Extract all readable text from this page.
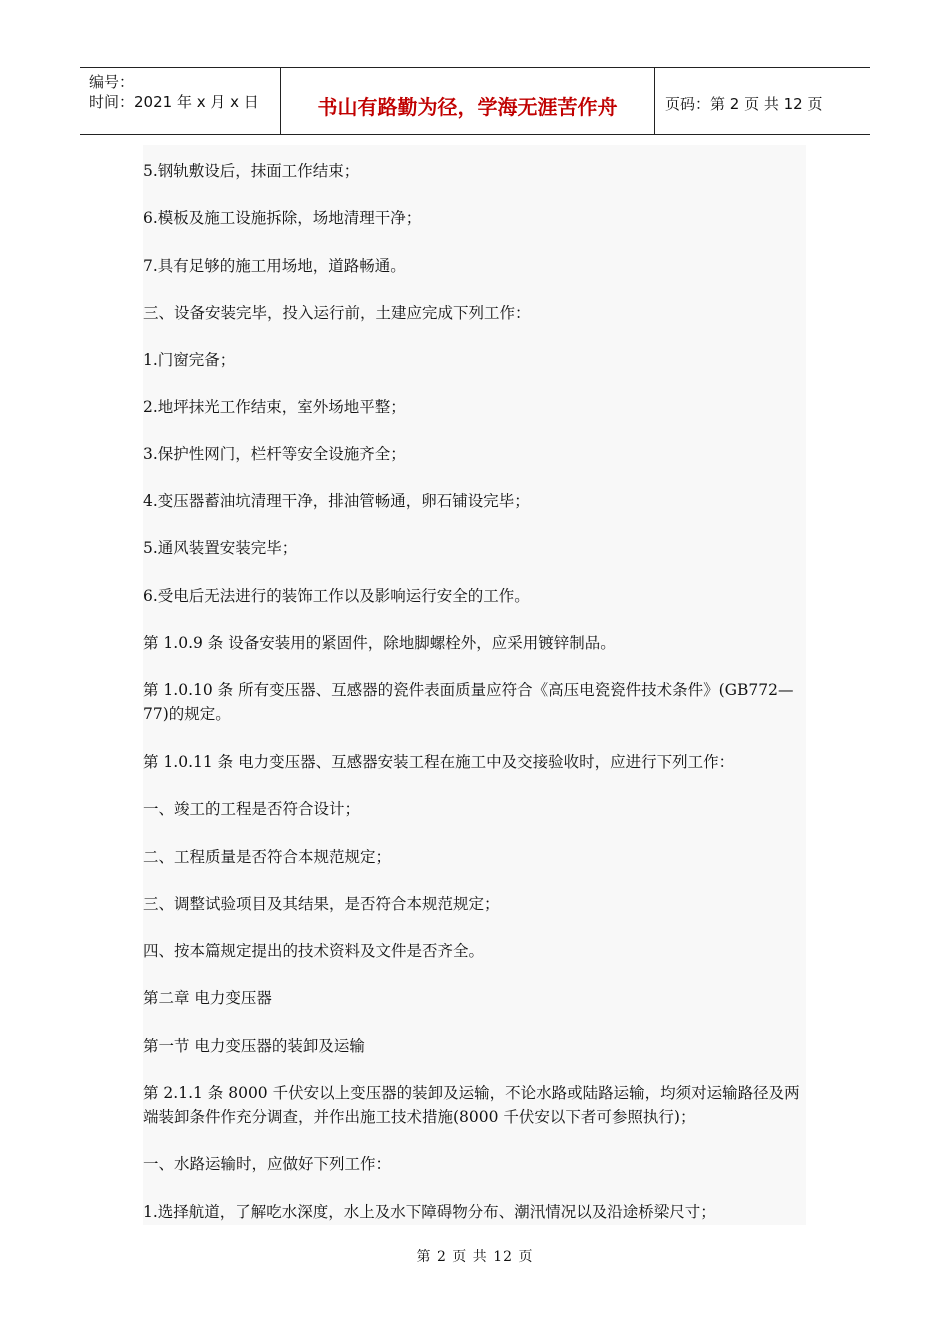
编号：
时间：2021 年 x 月 x 日	书山有路勤为径，学海无涯苦作舟	页码：第 2 页 共 12 页
5.钢轨敷设后，抹面工作结束；
6.模板及施工设施拆除，场地清理干净；
7.具有足够的施工用场地，道路畅通。
三、设备安装完毕，投入运行前，土建应完成下列工作：
1.门窗完备；
2.地坪抹光工作结束，室外场地平整；
3.保护性网门，栏杆等安全设施齐全；
4.变压器蓄油坑清理干净，排油管畅通，卵石铺设完毕；
5.通风装置安装完毕；
6.受电后无法进行的装饰工作以及影响运行安全的工作。
第 1.0.9 条 设备安装用的紧固件，除地脚螺栓外，应采用镀锌制品。
第 1.0.10 条 所有变压器、互感器的瓷件表面质量应符合《高压电瓷瓷件技术条件》(GB772—77)的规定。
第 1.0.11 条 电力变压器、互感器安装工程在施工中及交接验收时，应进行下列工作：
一、竣工的工程是否符合设计；
二、工程质量是否符合本规范规定；
三、调整试验项目及其结果，是否符合本规范规定；
四、按本篇规定提出的技术资料及文件是否齐全。
第二章 电力变压器
第一节 电力变压器的装卸及运输
第 2.1.1 条 8000 千伏安以上变压器的装卸及运输，不论水路或陆路运输，均须对运输路径及两端装卸条件作充分调查，并作出施工技术措施(8000 千伏安以下者可参照执行)；
一、水路运输时，应做好下列工作：
1.选择航道，了解吃水深度，水上及水下障碍物分布、潮汛情况以及沿途桥梁尺寸；
第 2 页 共 12 页
